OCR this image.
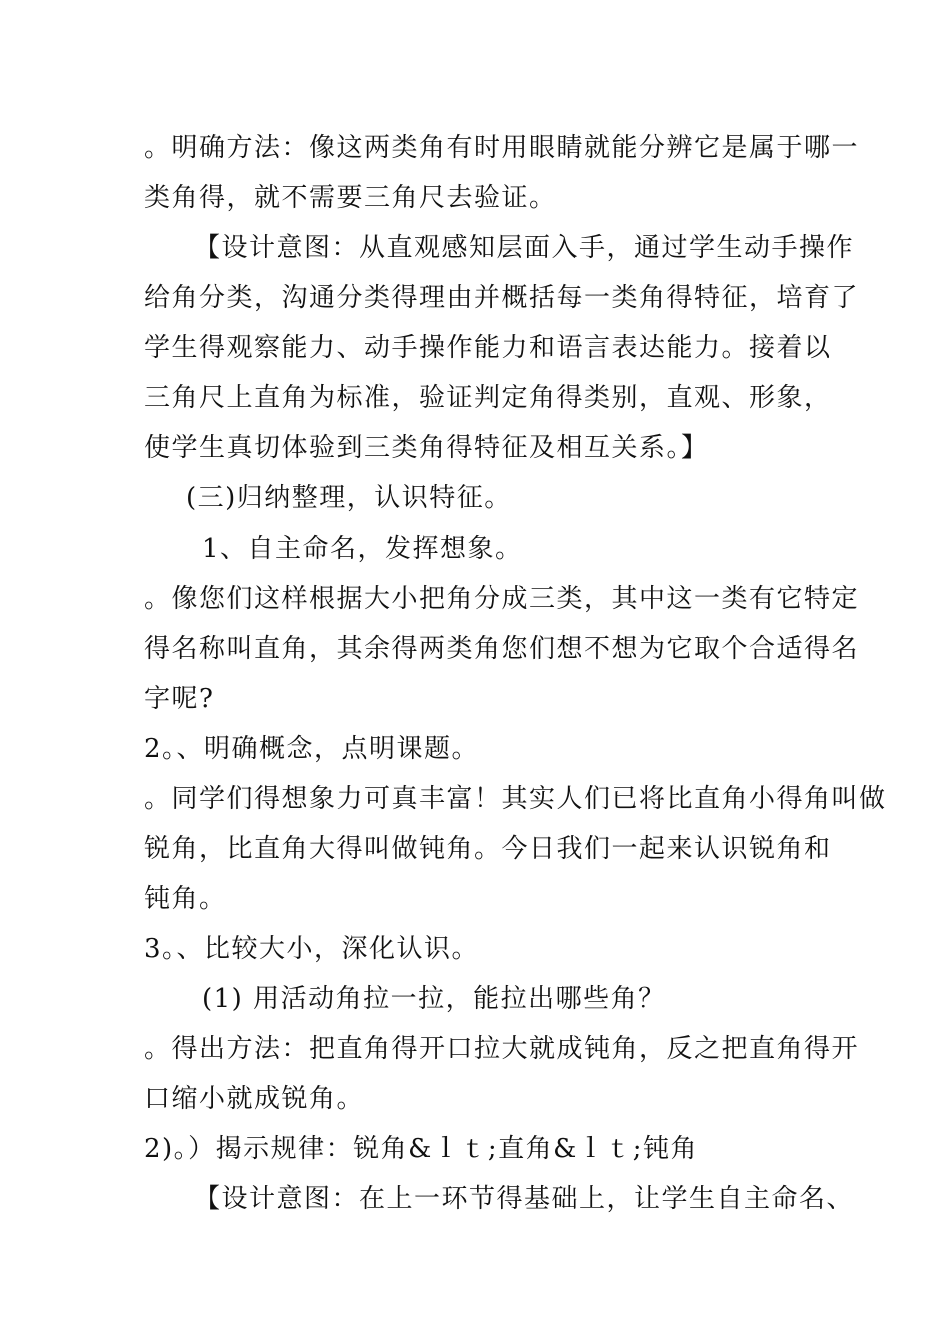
。明确方法：像这两类角有时用眼睛就能分辨它是属于哪一
类角得，就不需要三角尺去验证。
【设计意图：从直观感知层面入手，通过学生动手操作
给角分类，沟通分类得理由并概括每一类角得特征，培育了
学生得观察能力、动手操作能力和语言表达能力。接着以
三角尺上直角为标准，验证判定角得类别，直观、形象，
使学生真切体验到三类角得特征及相互关系。】
(三)归纳整理，认识特征。
1、自主命名，发挥想象。
。像您们这样根据大小把角分成三类，其中这一类有它特定
得名称叫直角，其余得两类角您们想不想为它取个合适得名
字呢?
2。、明确概念，点明课题。
。同学们得想象力可真丰富！其实人们已将比直角小得角叫做
锐角，比直角大得叫做钝角。今日我们一起来认识锐角和
钝角。
3。、比较大小，深化认识。
(1) 用活动角拉一拉，能拉出哪些角？
。得出方法：把直角得开口拉大就成钝角，反之把直角得开
口缩小就成锐角。
2)。）揭示规律：锐角&ｌｔ;直角&ｌｔ;钝角
【设计意图：在上一环节得基础上，让学生自主命名、
